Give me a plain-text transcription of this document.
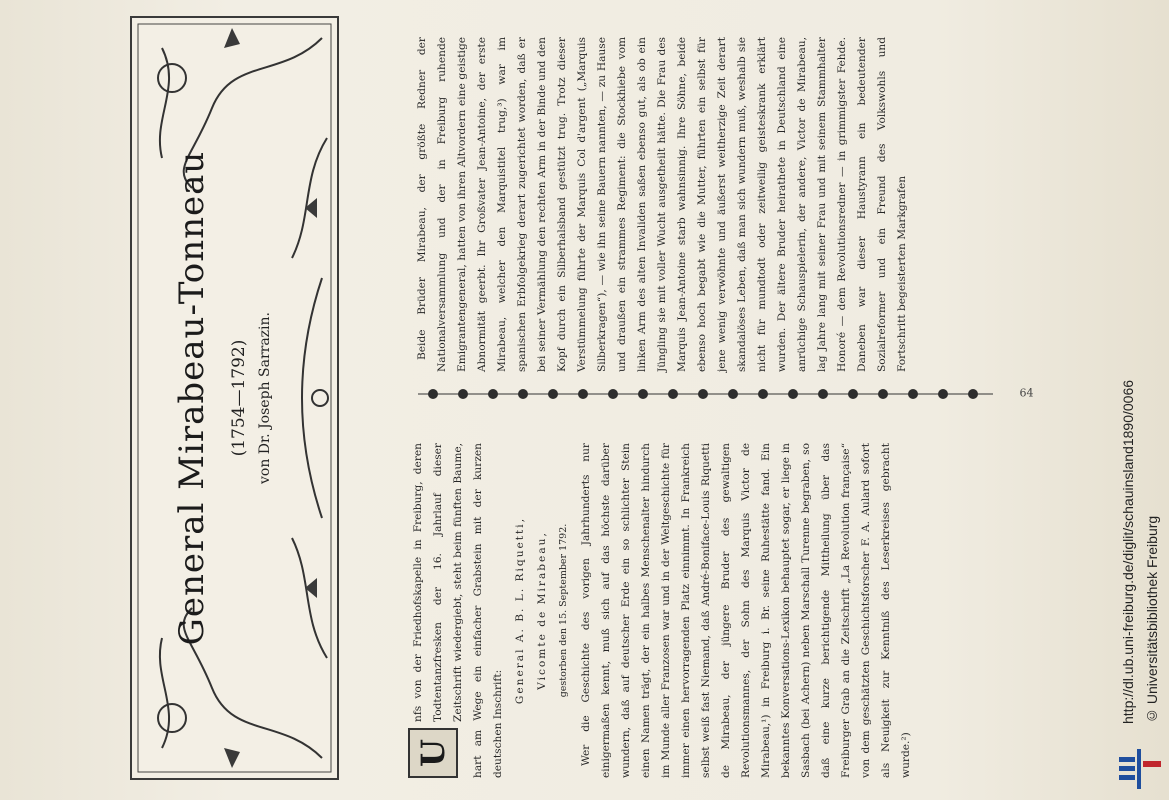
General Mirabeau-Tonneau (1754—1792) von Dr. Joseph Sarrazin.

U
nfs von der Friedhofskapelle in Freiburg, deren Todtentanzfresken der 16. Jahrlauf dieser Zeitschrift wiedergiebt, steht beim fünften Baume, hart am Wege ein einfacher Grabstein mit der kurzen deutschen Inschrift:

General A. B. L. Riquetti, Vicomte de Mirabeau,	gestorben den 15. September 1792.	Wer die Geschichte des vorigen Jahrhunderts nur einigermaßen kennt, muß sich auf das höchste darüber wundern, daß auf deutscher Erde ein so schlichter Stein einen Namen trägt, der ein halbes Menschenalter hindurch im Munde aller Franzosen war und in der Weltgeschichte für immer einen hervorragenden Platz einnimmt. In Frankreich selbst weiß fast Niemand, daß André-Boniface-Louis Riquetti de Mirabeau, der jüngere Bruder des gewaltigen Revolutionsmannes, der Sohn des Marquis Victor de Mirabeau,¹) in Freiburg i. Br. seine Ruhestätte fand. Ein bekanntes Konversations-Lexikon behauptet sogar, er liege in Sasbach (bei Achern) neben Marschall Turenne begraben, so daß eine kurze berichtigende Mittheilung über das Freiburger Grab an die Zeitschrift „La Revolution française“ von dem geschätzten Geschichtsforscher F. A. Aulard sofort als Neuigkeit zur Kenntniß des Leserkreises gebracht wurde.²)

Beide Brüder Mirabeau, der größte Redner der Nationalversammlung und der in Freiburg ruhende Emigrantengeneral, hatten von ihren Altvordern eine geistige Abnormität geerbt. Ihr Großvater Jean-Antoine, der erste Mirabeau, welcher den Marquistitel trug,³) war im spanischen Erbfolgekrieg derart zugerichtet worden, daß er bei seiner Vermählung den rechten Arm in der Binde und den Kopf durch ein Silberhalsband gestützt trug. Trotz dieser Verstümmelung führte der Marquis Col d'argent („Marquis Silberkragen“), — wie ihn seine Bauern nannten, — zu Hause und draußen ein strammes Regiment: die Stockhiebe vom linken Arm des alten Invaliden saßen ebenso gut, als ob ein Jüngling sie mit voller Wucht ausgetheilt hätte. Die Frau des Marquis Jean-Antoine starb wahnsinnig. Ihre Söhne, beide ebenso hoch begabt wie die Mutter, führten ein selbst für jene wenig verwöhnte und äußerst weitherzige Zeit derart skandalöses Leben, daß man sich wundern muß, weshalb sie nicht für mundtodt oder zeitweilig geisteskrank erklärt wurden. Der ältere Bruder heirathete in Deutschland eine anrüchige Schauspielerin, der andere, Victor de Mirabeau, lag Jahre lang mit seiner Frau und mit seinem Stammhalter Honoré — dem Revolutionsredner — in grimmigster Fehde. Daneben war dieser Haustyrann ein bedeutender Sozialreformer und ein Freund des Volkswohls und Fortschritt begeisterten Markgrafen

64	http://dl.ub.uni-freiburg.de/diglit/schauinsland1890/0066 © Universitätsbibliothek Freiburg
